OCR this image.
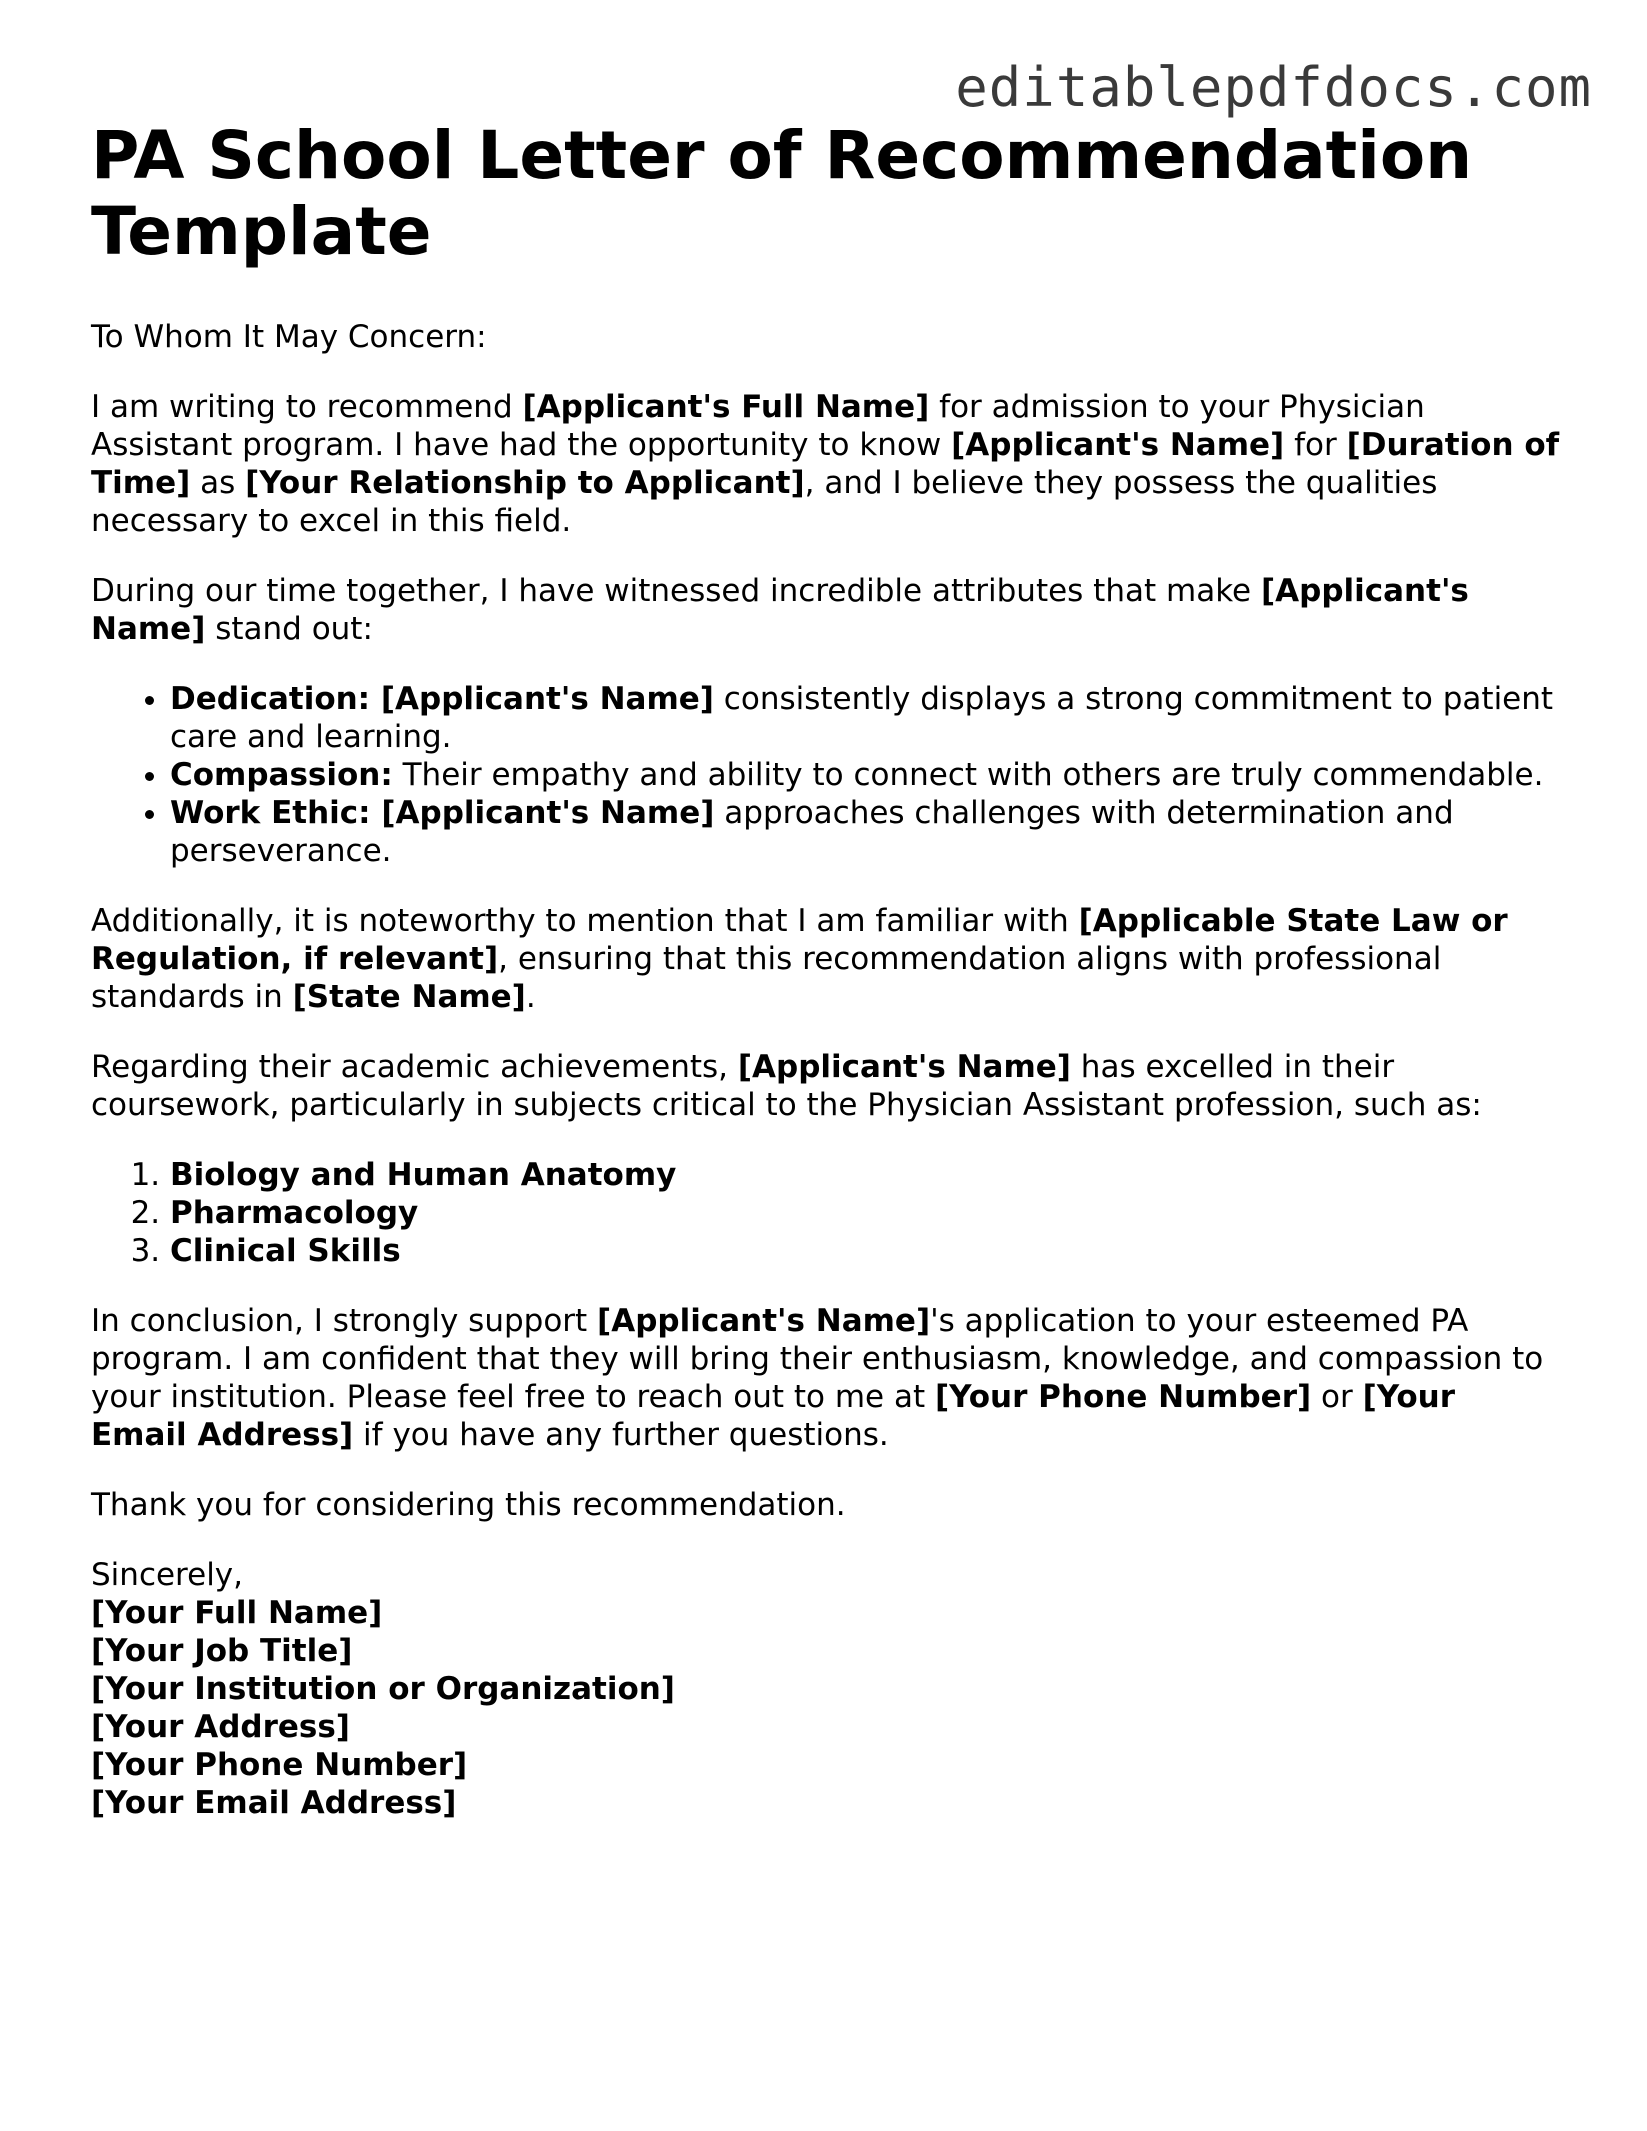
editablepdfdocs.com
PA School Letter of Recommendation Template

To Whom It May Concern:

I am writing to recommend [Applicant's Full Name] for admission to your Physician Assistant program. I have had the opportunity to know [Applicant's Name] for [Duration of Time] as [Your Relationship to Applicant], and I believe they possess the qualities necessary to excel in this field.

During our time together, I have witnessed incredible attributes that make [Applicant's Name] stand out:

• Dedication: [Applicant's Name] consistently displays a strong commitment to patient care and learning.
• Compassion: Their empathy and ability to connect with others are truly commendable.
• Work Ethic: [Applicant's Name] approaches challenges with determination and perseverance.

Additionally, it is noteworthy to mention that I am familiar with [Applicable State Law or Regulation, if relevant], ensuring that this recommendation aligns with professional standards in [State Name].

Regarding their academic achievements, [Applicant's Name] has excelled in their coursework, particularly in subjects critical to the Physician Assistant profession, such as:

1. Biology and Human Anatomy
2. Pharmacology
3. Clinical Skills

In conclusion, I strongly support [Applicant's Name]'s application to your esteemed PA program. I am confident that they will bring their enthusiasm, knowledge, and compassion to your institution. Please feel free to reach out to me at [Your Phone Number] or [Your Email Address] if you have any further questions.

Thank you for considering this recommendation.

Sincerely,
[Your Full Name]
[Your Job Title]
[Your Institution or Organization]
[Your Address]
[Your Phone Number]
[Your Email Address]
